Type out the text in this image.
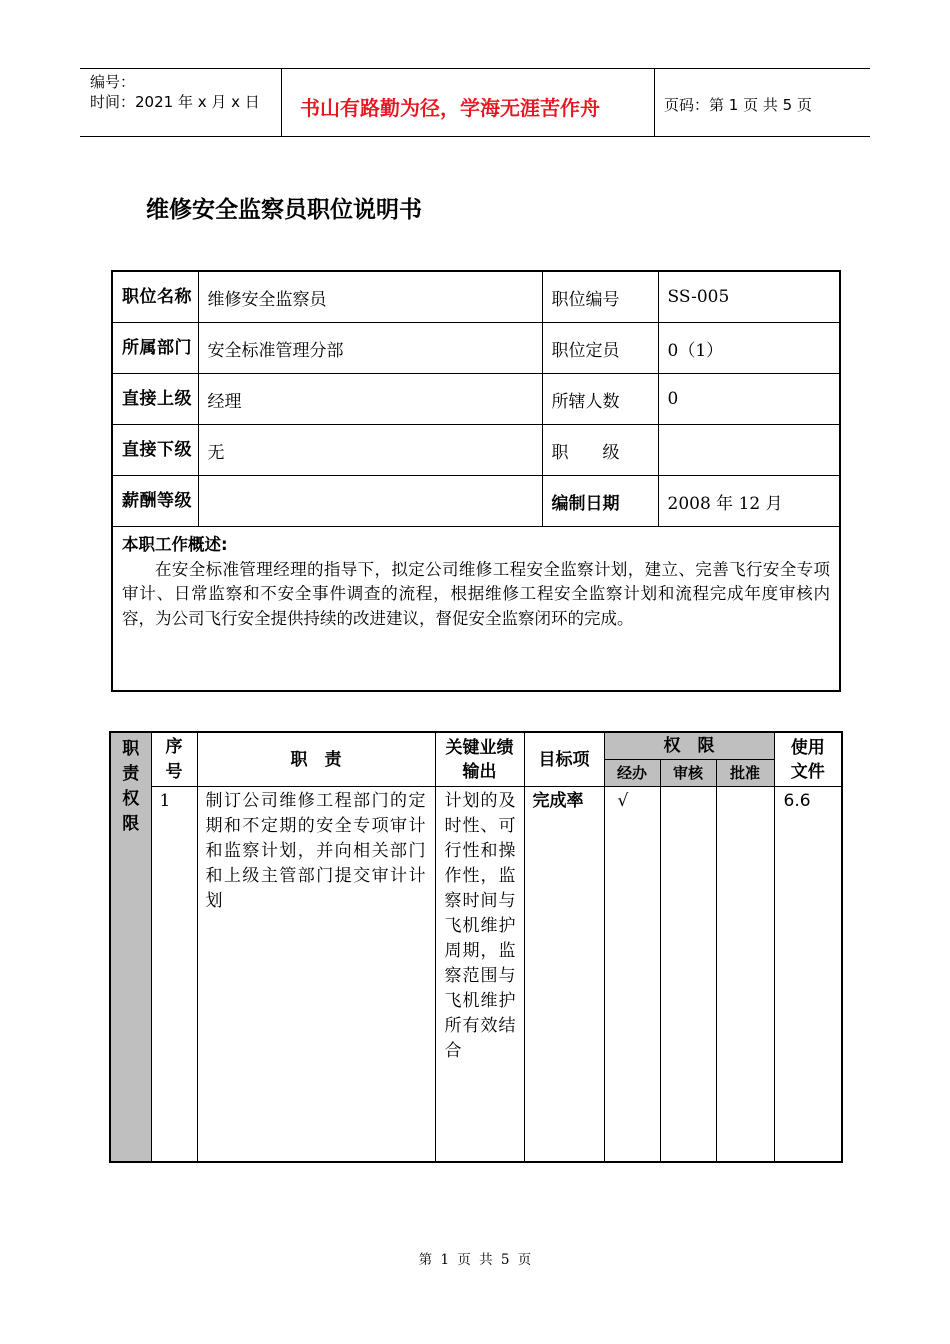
编号：
时间：2021 年 x 月 x 日 书山有路勤为径，学海无涯苦作舟	页码：第 1 页 共 5 页
维修安全监察员职位说明书
职位名称	维修安全监察员	职位编号	SS-005

所属部门	安全标准管理分部	职位定员	0（1）

直接上级	经理	所辖人数	0

直接下级	无	职　　级	

薪酬等级		编制日期	2008 年 12 月

本职工作概述:
在安全标准管理经理的指导下，拟定公司维修工程安全监察计划，建立、完善飞行安全专项审计、日常监察和不安全事件调查的流程，根据维修工程安全监察计划和流程完成年度审核内容，为公司飞行安全提供持续的改进建议，督促安全监察闭环的完成。			
职责权限	序号	职　责	关键业绩输出	目标项	权　限			使用文件

					经办	审核	批准	
	1	制订公司维修工程部门的定期和不定期的安全专项审计和监察计划，并向相关部门和上级主管部门提交审计计划	计划的及时性、可行性和操作性，监察时间与飞机维护周期，监察范围与飞机维护所有效结合	完成率	√			6.6
第 1 页 共 5 页
